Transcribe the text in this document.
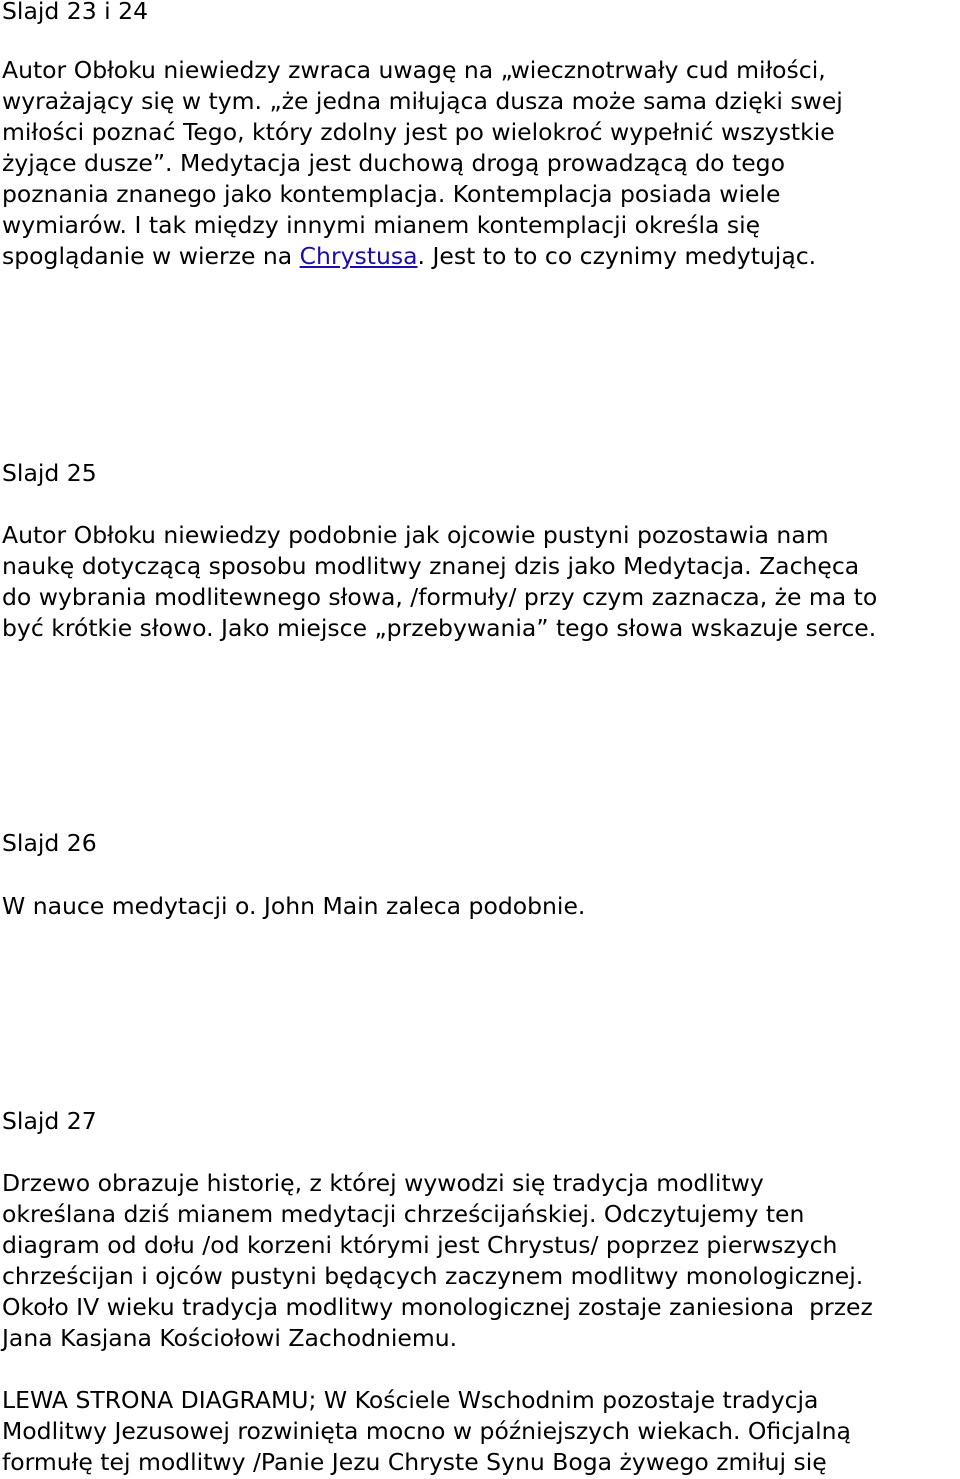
Slajd 23 i 24

Autor Obłoku niewiedzy zwraca uwagę na „wiecznotrwały cud miłości,
wyrażający się w tym. „że jedna miłująca dusza może sama dzięki swej
miłości poznać Tego, który zdolny jest po wielokroć wypełnić wszystkie
żyjące dusze”. Medytacja jest duchową drogą prowadzącą do tego
poznania znanego jako kontemplacja. Kontemplacja posiada wiele
wymiarów. I tak między innymi mianem kontemplacji określa się
spoglądanie w wierze na Chrystusa. Jest to to co czynimy medytując.

Slajd 25

Autor Obłoku niewiedzy podobnie jak ojcowie pustyni pozostawia nam
naukę dotyczącą sposobu modlitwy znanej dzis jako Medytacja. Zachęca
do wybrania modlitewnego słowa, /formuły/ przy czym zaznacza, że ma to
być krótkie słowo. Jako miejsce „przebywania” tego słowa wskazuje serce.

Slajd 26

W nauce medytacji o. John Main zaleca podobnie.

Slajd 27

Drzewo obrazuje historię, z której wywodzi się tradycja modlitwy
określana dziś mianem medytacji chrześcijańskiej. Odczytujemy ten
diagram od dołu /od korzeni którymi jest Chrystus/ poprzez pierwszych
chrześcijan i ojców pustyni będących zaczynem modlitwy monologicznej.
Około IV wieku tradycja modlitwy monologicznej zostaje zaniesiona  przez
Jana Kasjana Kościołowi Zachodniemu.

LEWA STRONA DIAGRAMU; W Kościele Wschodnim pozostaje tradycja
Modlitwy Jezusowej rozwinięta mocno w późniejszych wiekach. Oficjalną
formułę tej modlitwy /Panie Jezu Chryste Synu Boga żywego zmiłuj się
